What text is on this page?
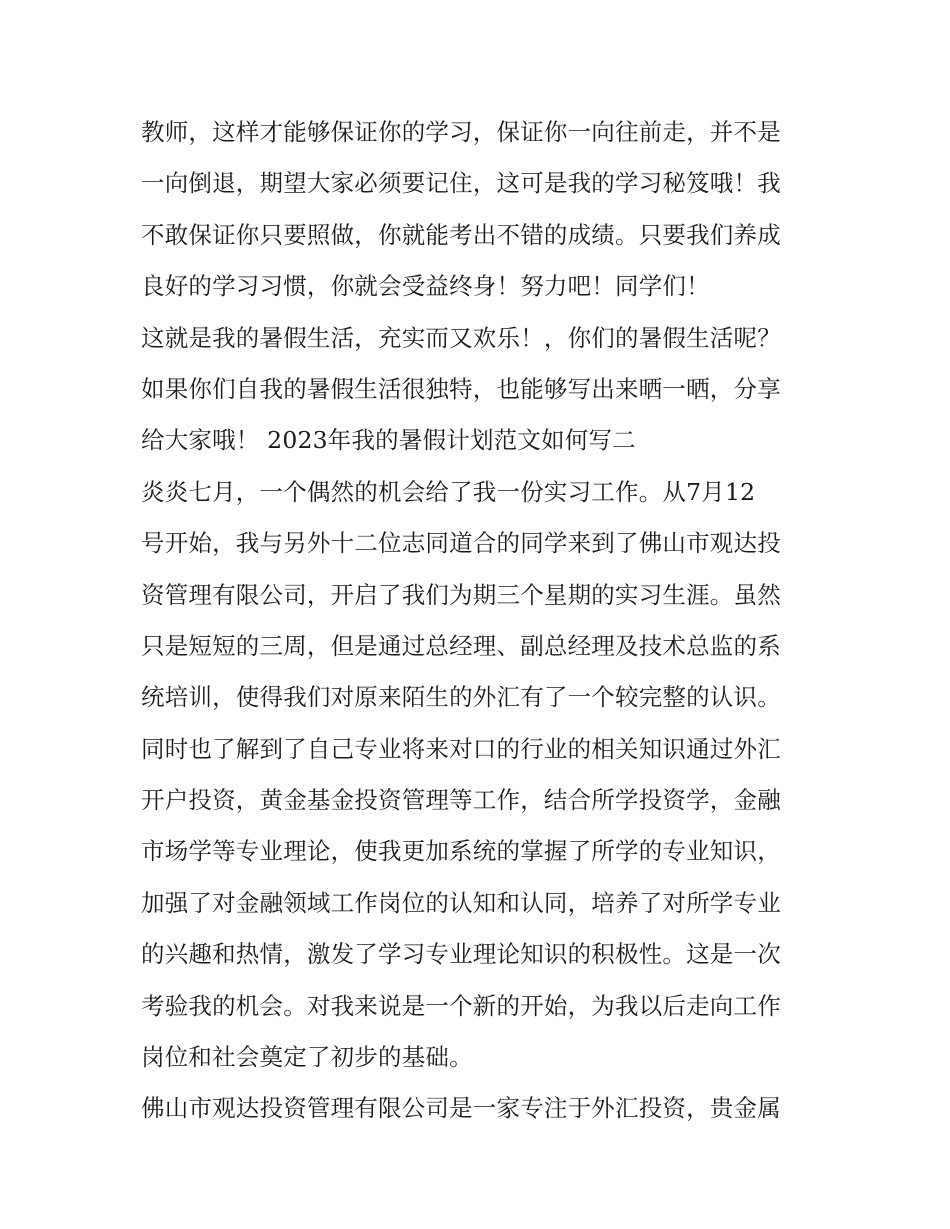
教师，这样才能够保证你的学习，保证你一向往前走，并不是
一向倒退，期望大家必须要记住，这可是我的学习秘笈哦！我
不敢保证你只要照做，你就能考出不错的成绩。只要我们养成
良好的学习习惯，你就会受益终身！努力吧！同学们！
这就是我的暑假生活，充实而又欢乐！，你们的暑假生活呢？
如果你们自我的暑假生活很独特，也能够写出来晒一晒，分享
给大家哦！ 2023年我的暑假计划范文如何写二
炎炎七月，一个偶然的机会给了我一份实习工作。从7月12
号开始，我与另外十二位志同道合的同学来到了佛山市观达投
资管理有限公司，开启了我们为期三个星期的实习生涯。虽然
只是短短的三周，但是通过总经理、副总经理及技术总监的系
统培训，使得我们对原来陌生的外汇有了一个较完整的认识。
同时也了解到了自己专业将来对口的行业的相关知识通过外汇
开户投资，黄金基金投资管理等工作，结合所学投资学，金融
市场学等专业理论，使我更加系统的掌握了所学的专业知识，
加强了对金融领域工作岗位的认知和认同，培养了对所学专业
的兴趣和热情，激发了学习专业理论知识的积极性。这是一次
考验我的机会。对我来说是一个新的开始，为我以后走向工作
岗位和社会奠定了初步的基础。
佛山市观达投资管理有限公司是一家专注于外汇投资，贵金属
